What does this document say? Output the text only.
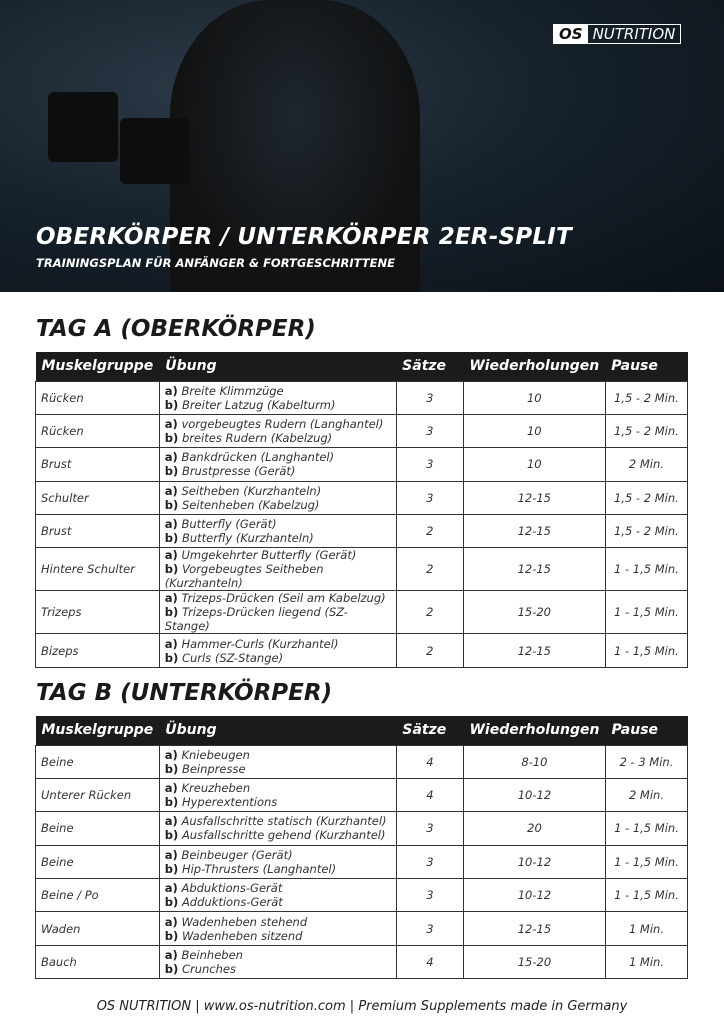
OS NUTRITION
OBERKÖRPER / UNTERKÖRPER 2ER-SPLIT
TRAININGSPLAN FÜR ANFÄNGER & FORTGESCHRITTENE
TAG A (OBERKÖRPER)
Muskelgruppe	Übung	Sätze	Wiederholungen	Pause
Rücken	a) Breite Klimmzüge
b) Breiter Latzug (Kabelturm)	3	10	1,5 - 2 Min.
Rücken	a) vorgebeugtes Rudern (Langhantel)
b) breites Rudern (Kabelzug)	3	10	1,5 - 2 Min.
Brust	a) Bankdrücken (Langhantel)
b) Brustpresse (Gerät)	3	10	2 Min.
Schulter	a) Seitheben (Kurzhanteln)
b) Seitenheben (Kabelzug)	3	12-15	1,5 - 2 Min.
Brust	a) Butterfly (Gerät)
b) Butterfly (Kurzhanteln)	2	12-15	1,5 - 2 Min.
Hintere Schulter	a) Umgekehrter Butterfly (Gerät)
b) Vorgebeugtes Seitheben (Kurzhanteln)	2	12-15	1 - 1,5 Min.
Trizeps	a) Trizeps-Drücken (Seil am Kabelzug)
b) Trizeps-Drücken liegend (SZ-Stange)	2	15-20	1 - 1,5 Min.
Bizeps	a) Hammer-Curls (Kurzhantel)
b) Curls (SZ-Stange)	2	12-15	1 - 1,5 Min.
TAG B (UNTERKÖRPER)
Muskelgruppe	Übung	Sätze	Wiederholungen	Pause
Beine	a) Kniebeugen
b) Beinpresse	4	8-10	2 - 3 Min.
Unterer Rücken	a) Kreuzheben
b) Hyperextentions	4	10-12	2 Min.
Beine	a) Ausfallschritte statisch (Kurzhantel)
b) Ausfallschritte gehend (Kurzhantel)	3	20	1 - 1,5 Min.
Beine	a) Beinbeuger (Gerät)
b) Hip-Thrusters (Langhantel)	3	10-12	1 - 1,5 Min.
Beine / Po	a) Abduktions-Gerät
b) Adduktions-Gerät	3	10-12	1 - 1,5 Min.
Waden	a) Wadenheben stehend
b) Wadenheben sitzend	3	12-15	1 Min.
Bauch	a) Beinheben
b) Crunches	4	15-20	1 Min.
OS NUTRITION | www.os-nutrition.com | Premium Supplements made in Germany
